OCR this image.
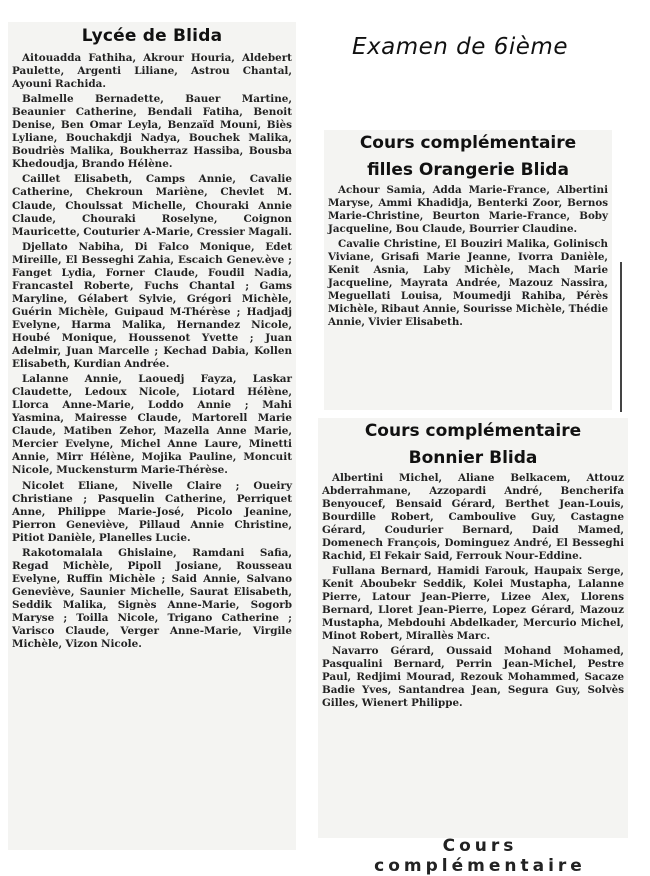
Lycée de Blida

Aitouadda Fathiha, Akrour Houria, Aldebert Paulette, Argenti Liliane, Astrou Chantal, Ayouni Rachida.

Balmelle Bernadette, Bauer Martine, Beaunier Catherine, Bendali Fatiha, Benoit Denise, Ben Omar Leyla, Benzaïd Mouni, Biès Lyliane, Bouchakdji Nadya, Bouchek Malika, Boudriès Malika, Boukherraz Hassiba, Bousba Khedoudja, Brando Hélène.

Caillet Elisabeth, Camps Annie, Cavalie Catherine, Chekroun Mariène, Chevlet M. Claude, Choulssat Michelle, Chouraki Annie Claude, Chouraki Roselyne, Coignon Mauricette, Couturier A-Marie, Cressier Magali.

Djellato Nabiha, Di Falco Monique, Edet Mireille, El Besseghi Zahia, Escaich Genev.ève ; Fanget Lydia, Forner Claude, Foudil Nadia, Francastel Roberte, Fuchs Chantal ; Gams Maryline, Gélabert Sylvie, Grégori Michèle, Guérin Michèle, Guipaud M-Thérèse ; Hadjadj Evelyne, Harma Malika, Hernandez Nicole, Houbé Monique, Houssenot Yvette ; Juan Adelmir, Juan Marcelle ; Kechad Dabia, Kollen Elisabeth, Kurdian Andrée.

Lalanne Annie, Laouedj Fayza, Laskar Claudette, Ledoux Nicole, Liotard Hélène, Llorca Anne-Marie, Loddo Annie ; Mahi Yasmina, Mairesse Claude, Martorell Marie Claude, Matiben Zehor, Mazella Anne Marie, Mercier Evelyne, Michel Anne Laure, Minetti Annie, Mirr Hélène, Mojika Pauline, Moncuit Nicole, Muckensturm Marie-Thérèse.

Nicolet Eliane, Nivelle Claire ; Oueiry Christiane ; Pasquelin Catherine, Perriquet Anne, Philippe Marie-José, Picolo Jeanine, Pierron Geneviève, Pillaud Annie Christine, Pitiot Danièle, Planelles Lucie.

Rakotomalala Ghislaine, Ramdani Safia, Regad Michèle, Pipoll Josiane, Rousseau Evelyne, Ruffin Michèle ; Said Annie, Salvano Geneviève, Saunier Michelle, Saurat Elisabeth, Seddik Malika, Signès Anne-Marie, Sogorb Maryse ; Toilla Nicole, Trigano Catherine ; Varisco Claude, Verger Anne-Marie, Virgile Michèle, Vizon Nicole.

Examen de 6ième
Cours complémentaire
filles Orangerie Blida

Achour Samia, Adda Marie-France, Albertini Maryse, Ammi Khadidja, Benterki Zoor, Bernos Marie-Christine, Beurton Marie-France, Boby Jacqueline, Bou Claude, Bourrier Claudine.

Cavalie Christine, El Bouziri Malika, Golinisch Viviane, Grisafi Marie Jeanne, Ivorra Danièle, Kenit Asnia, Laby Michèle, Mach Marie Jacqueline, Mayrata Andrée, Mazouz Nassira, Meguellati Louisa, Moumedji Rahiba, Pérès Michèle, Ribaut Annie, Sourisse Michèle, Thédie Annie, Vivier Elisabeth.

Cours complémentaire
Bonnier Blida

Albertini Michel, Aliane Belkacem, Attouz Abderrahmane, Azzopardi André, Bencherifa Benyoucef, Bensaid Gérard, Berthet Jean-Louis, Bourdille Robert, Camboulive Guy, Castagne Gérard, Coudurier Bernard, Daid Mamed, Domenech François, Dominguez André, El Besseghi Rachid, El Fekair Said, Ferrouk Nour-Eddine.

Fullana Bernard, Hamidi Farouk, Haupaix Serge, Kenit Aboubekr Seddik, Kolei Mustapha, Lalanne Pierre, Latour Jean-Pierre, Lizee Alex, Llorens Bernard, Lloret Jean-Pierre, Lopez Gérard, Mazouz Mustapha, Mebdouhi Abdelkader, Mercurio Michel, Minot Robert, Mirallès Marc.

Navarro Gérard, Oussaid Mohand Mohamed, Pasqualini Bernard, Perrin Jean-Michel, Pestre Paul, Redjimi Mourad, Rezouk Mohammed, Sacaze Badie Yves, Santandrea Jean, Segura Guy, Solvès Gilles, Wienert Philippe.

Cours complémentaire
